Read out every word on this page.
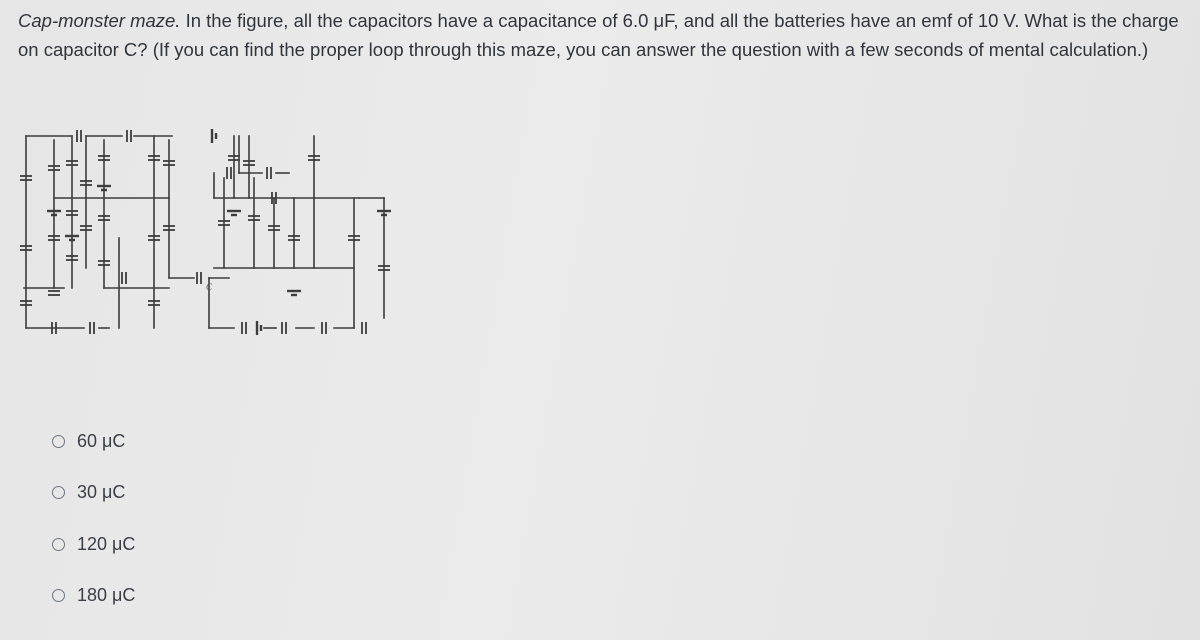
Cap-monster maze. In the figure, all the capacitors have a capacitance of 6.0 μF, and all the batteries have an emf of 10 V. What is the charge on capacitor C? (If you can find the proper loop through this maze, you can answer the question with a few seconds of mental calculation.)
C
60 μC
30 μC
120 μC
180 μC
